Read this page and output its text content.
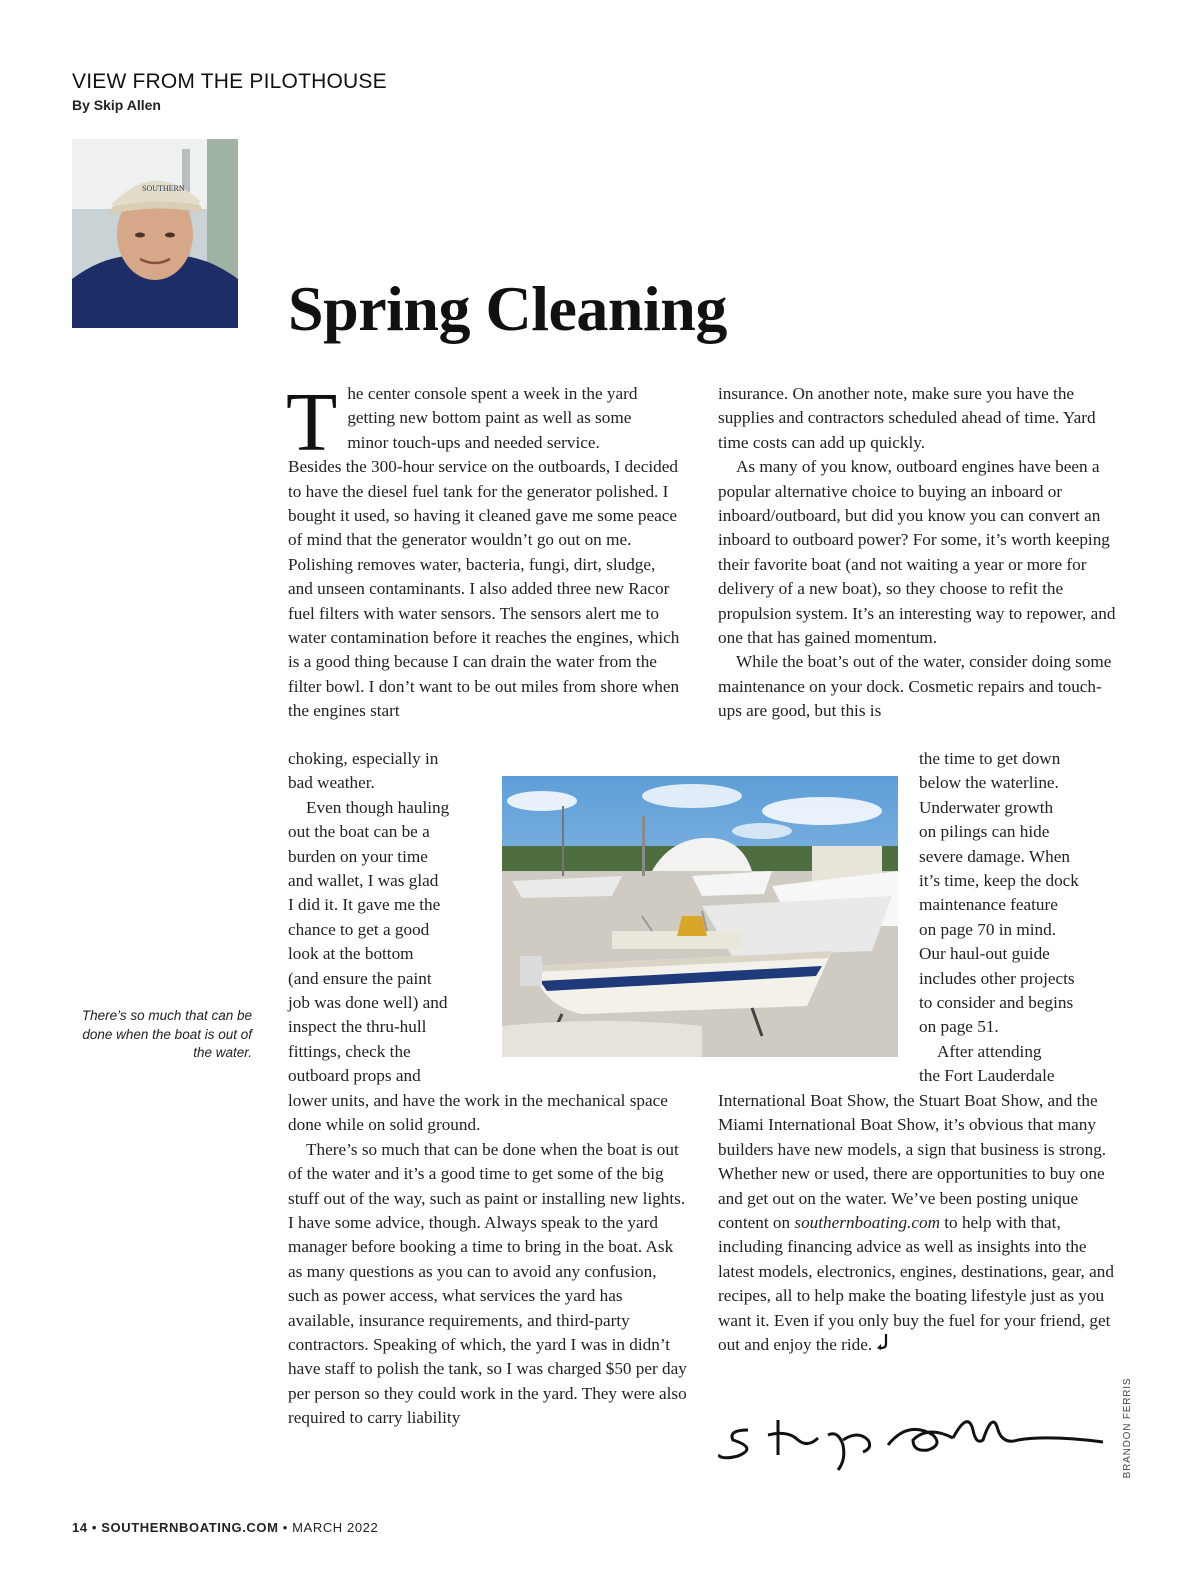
VIEW FROM THE PILOTHOUSE
By Skip Allen
SOUTHERN
Spring Cleaning
T he center console spent a week in the yard
getting new bottom paint as well as some
minor touch-ups and needed service.

Besides the 300-hour service on the outboards, I decided to have the diesel fuel tank for the generator polished. I bought it used, so having it cleaned gave me some peace of mind that the generator wouldn’t go out on me. Polishing removes water, bacteria, fungi, dirt, sludge, and unseen contaminants. I also added three new Racor fuel filters with water sensors. The sensors alert me to water contamination before it reaches the engines, which is a good thing because I can drain the water from the filter bowl. I don’t want to be out miles from shore when the engines start

choking, especially in
bad weather.
Even though hauling
out the boat can be a
burden on your time
and wallet, I was glad
I did it. It gave me the
chance to get a good
look at the bottom
(and ensure the paint
job was done well) and
inspect the thru-hull
fittings, check the
outboard props and

lower units, and have the work in the mechanical space done while on solid ground.

There’s so much that can be done when the boat is out of the water and it’s a good time to get some of the big stuff out of the way, such as paint or installing new lights. I have some advice, though. Always speak to the yard manager before booking a time to bring in the boat. Ask as many questions as you can to avoid any confusion, such as power access, what services the yard has available, insurance requirements, and third-party contractors. Speaking of which, the yard I was in didn’t have staff to polish the tank, so I was charged $50 per day per person so they could work in the yard. They were also required to carry liability

insurance. On another note, make sure you have the supplies and contractors scheduled ahead of time. Yard time costs can add up quickly.

As many of you know, outboard engines have been a popular alternative choice to buying an inboard or inboard/outboard, but did you know you can convert an inboard to outboard power? For some, it’s worth keeping their favorite boat (and not waiting a year or more for delivery of a new boat), so they choose to refit the propulsion system. It’s an interesting way to repower, and one that has gained momentum.

While the boat’s out of the water, consider doing some maintenance on your dock. Cosmetic repairs and touch-ups are good, but this is

the time to get down
below the waterline.
Underwater growth
on pilings can hide
severe damage. When
it’s time, keep the dock
maintenance feature
on page 70 in mind.
Our haul-out guide
includes other projects
to consider and begins
on page 51.
After attending
the Fort Lauderdale

International Boat Show, the Stuart Boat Show, and the Miami International Boat Show, it’s obvious that many builders have new models, a sign that business is strong. Whether new or used, there are opportunities to buy one and get out on the water. We’ve been posting unique content on southernboating.com to help with that, including financing advice as well as insights into the latest models, electronics, engines, destinations, gear, and recipes, all to help make the boating lifestyle just as you want it. Even if you only buy the fuel for your friend, get out and enjoy the ride.

There’s so much that can be done when the boat is out of the water.
BRANDON FERRIS
14 • SOUTHERNBOATING.COM • MARCH 2022
